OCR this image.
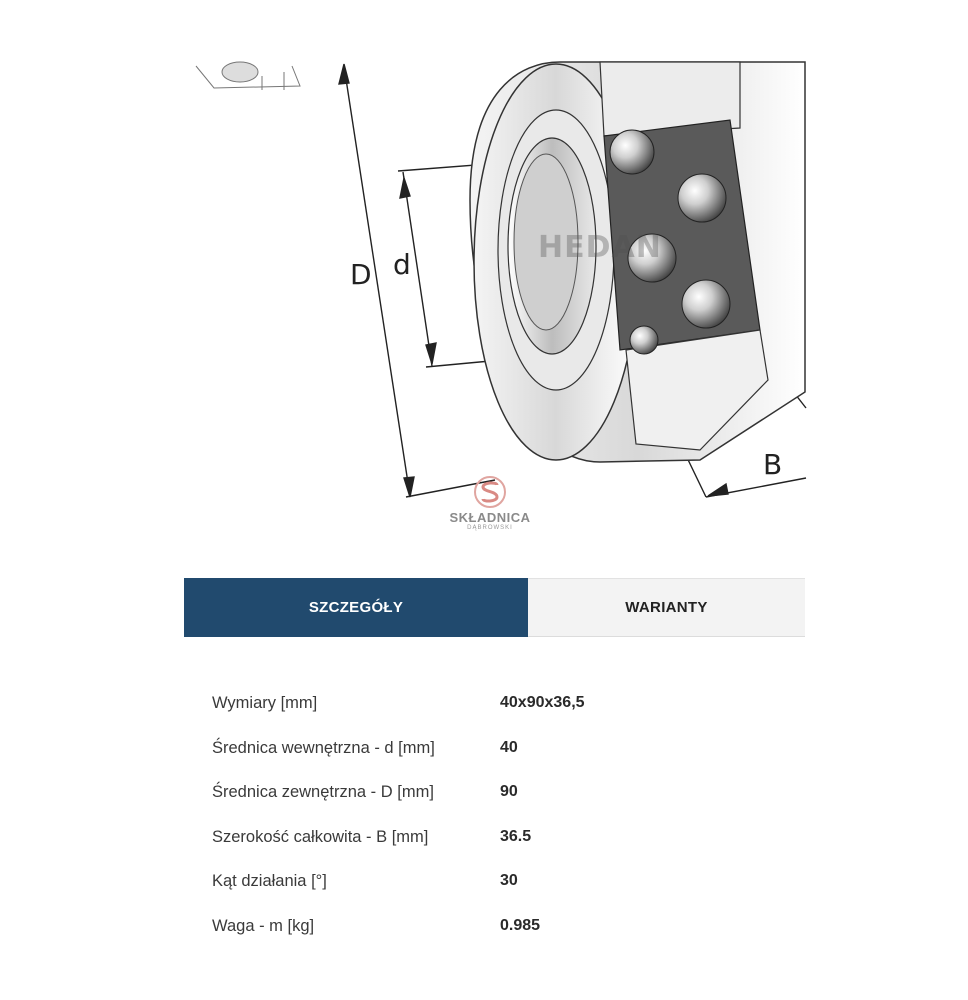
D d
B
HEDAN
SKŁADNICA
DĄBROWSKI
SZCZEGÓŁY	WARIANTY
Wymiary [mm]	40x90x36,5
Średnica wewnętrzna - d [mm]	40
Średnica zewnętrzna - D [mm]	90
Szerokość całkowita - B [mm]	36.5
Kąt działania [°]	30
Waga - m [kg]	0.985
